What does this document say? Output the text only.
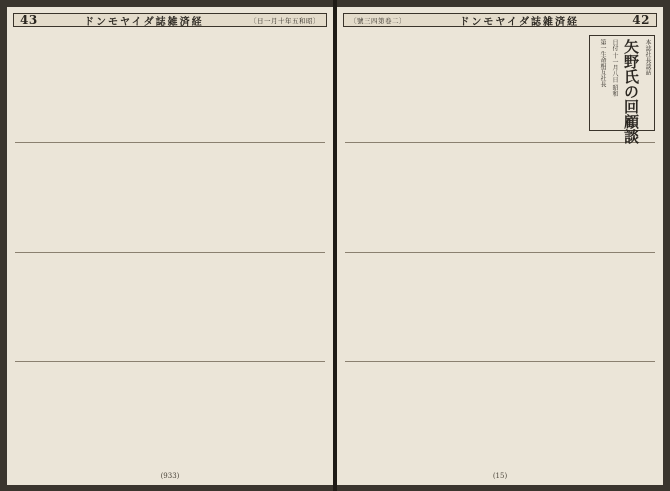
43	ドンモヤイダ誌雑済経	〔日一月十年五和昭〕
(933)
〔號三四第卷二〕	ドンモヤイダ誌雑済経	42
本誌社長談話
矢野氏の回顧談
日付 十一月八日 昭和
第一生命相互社長
(15)
